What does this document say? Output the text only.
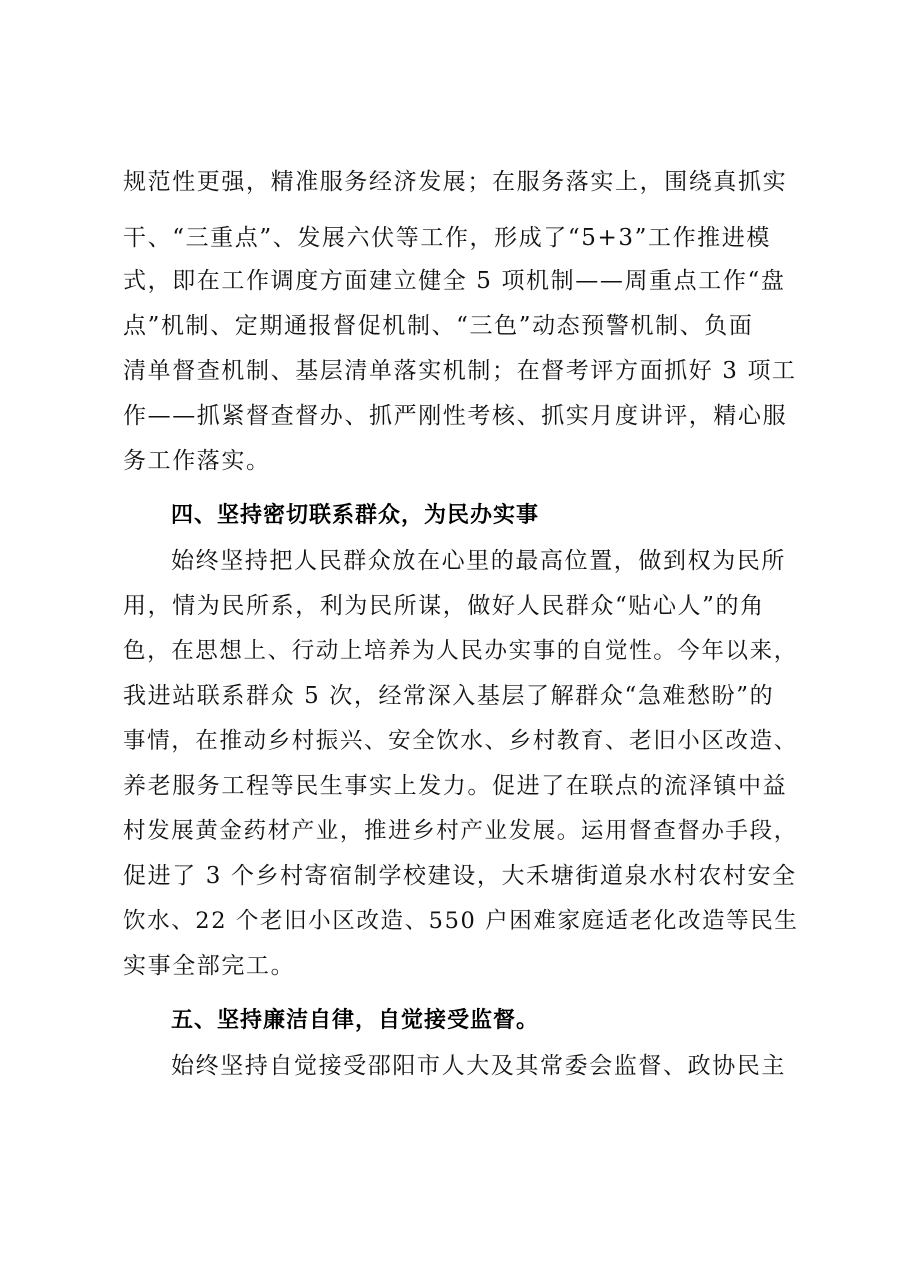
规范性更强，精准服务经济发展；在服务落实上，围绕真抓实

干、“三重点”、发展六伏等工作，形成了“5+3”工作推进模

式，即在工作调度方面建立健全 5 项机制——周重点工作“盘

点”机制、定期通报督促机制、“三色”动态预警机制、负面

清单督查机制、基层清单落实机制；在督考评方面抓好 3 项工

作——抓紧督查督办、抓严刚性考核、抓实月度讲评，精心服

务工作落实。

四、坚持密切联系群众，为民办实事

始终坚持把人民群众放在心里的最高位置，做到权为民所

用，情为民所系，利为民所谋，做好人民群众“贴心人”的角

色，在思想上、行动上培养为人民办实事的自觉性。今年以来，

我进站联系群众 5 次，经常深入基层了解群众“急难愁盼”的

事情，在推动乡村振兴、安全饮水、乡村教育、老旧小区改造、

养老服务工程等民生事实上发力。促进了在联点的流泽镇中益

村发展黄金药材产业，推进乡村产业发展。运用督查督办手段，

促进了 3 个乡村寄宿制学校建设，大禾塘街道泉水村农村安全

饮水、22 个老旧小区改造、550 户困难家庭适老化改造等民生

实事全部完工。

五、坚持廉洁自律，自觉接受监督。

始终坚持自觉接受邵阳市人大及其常委会监督、政协民主
